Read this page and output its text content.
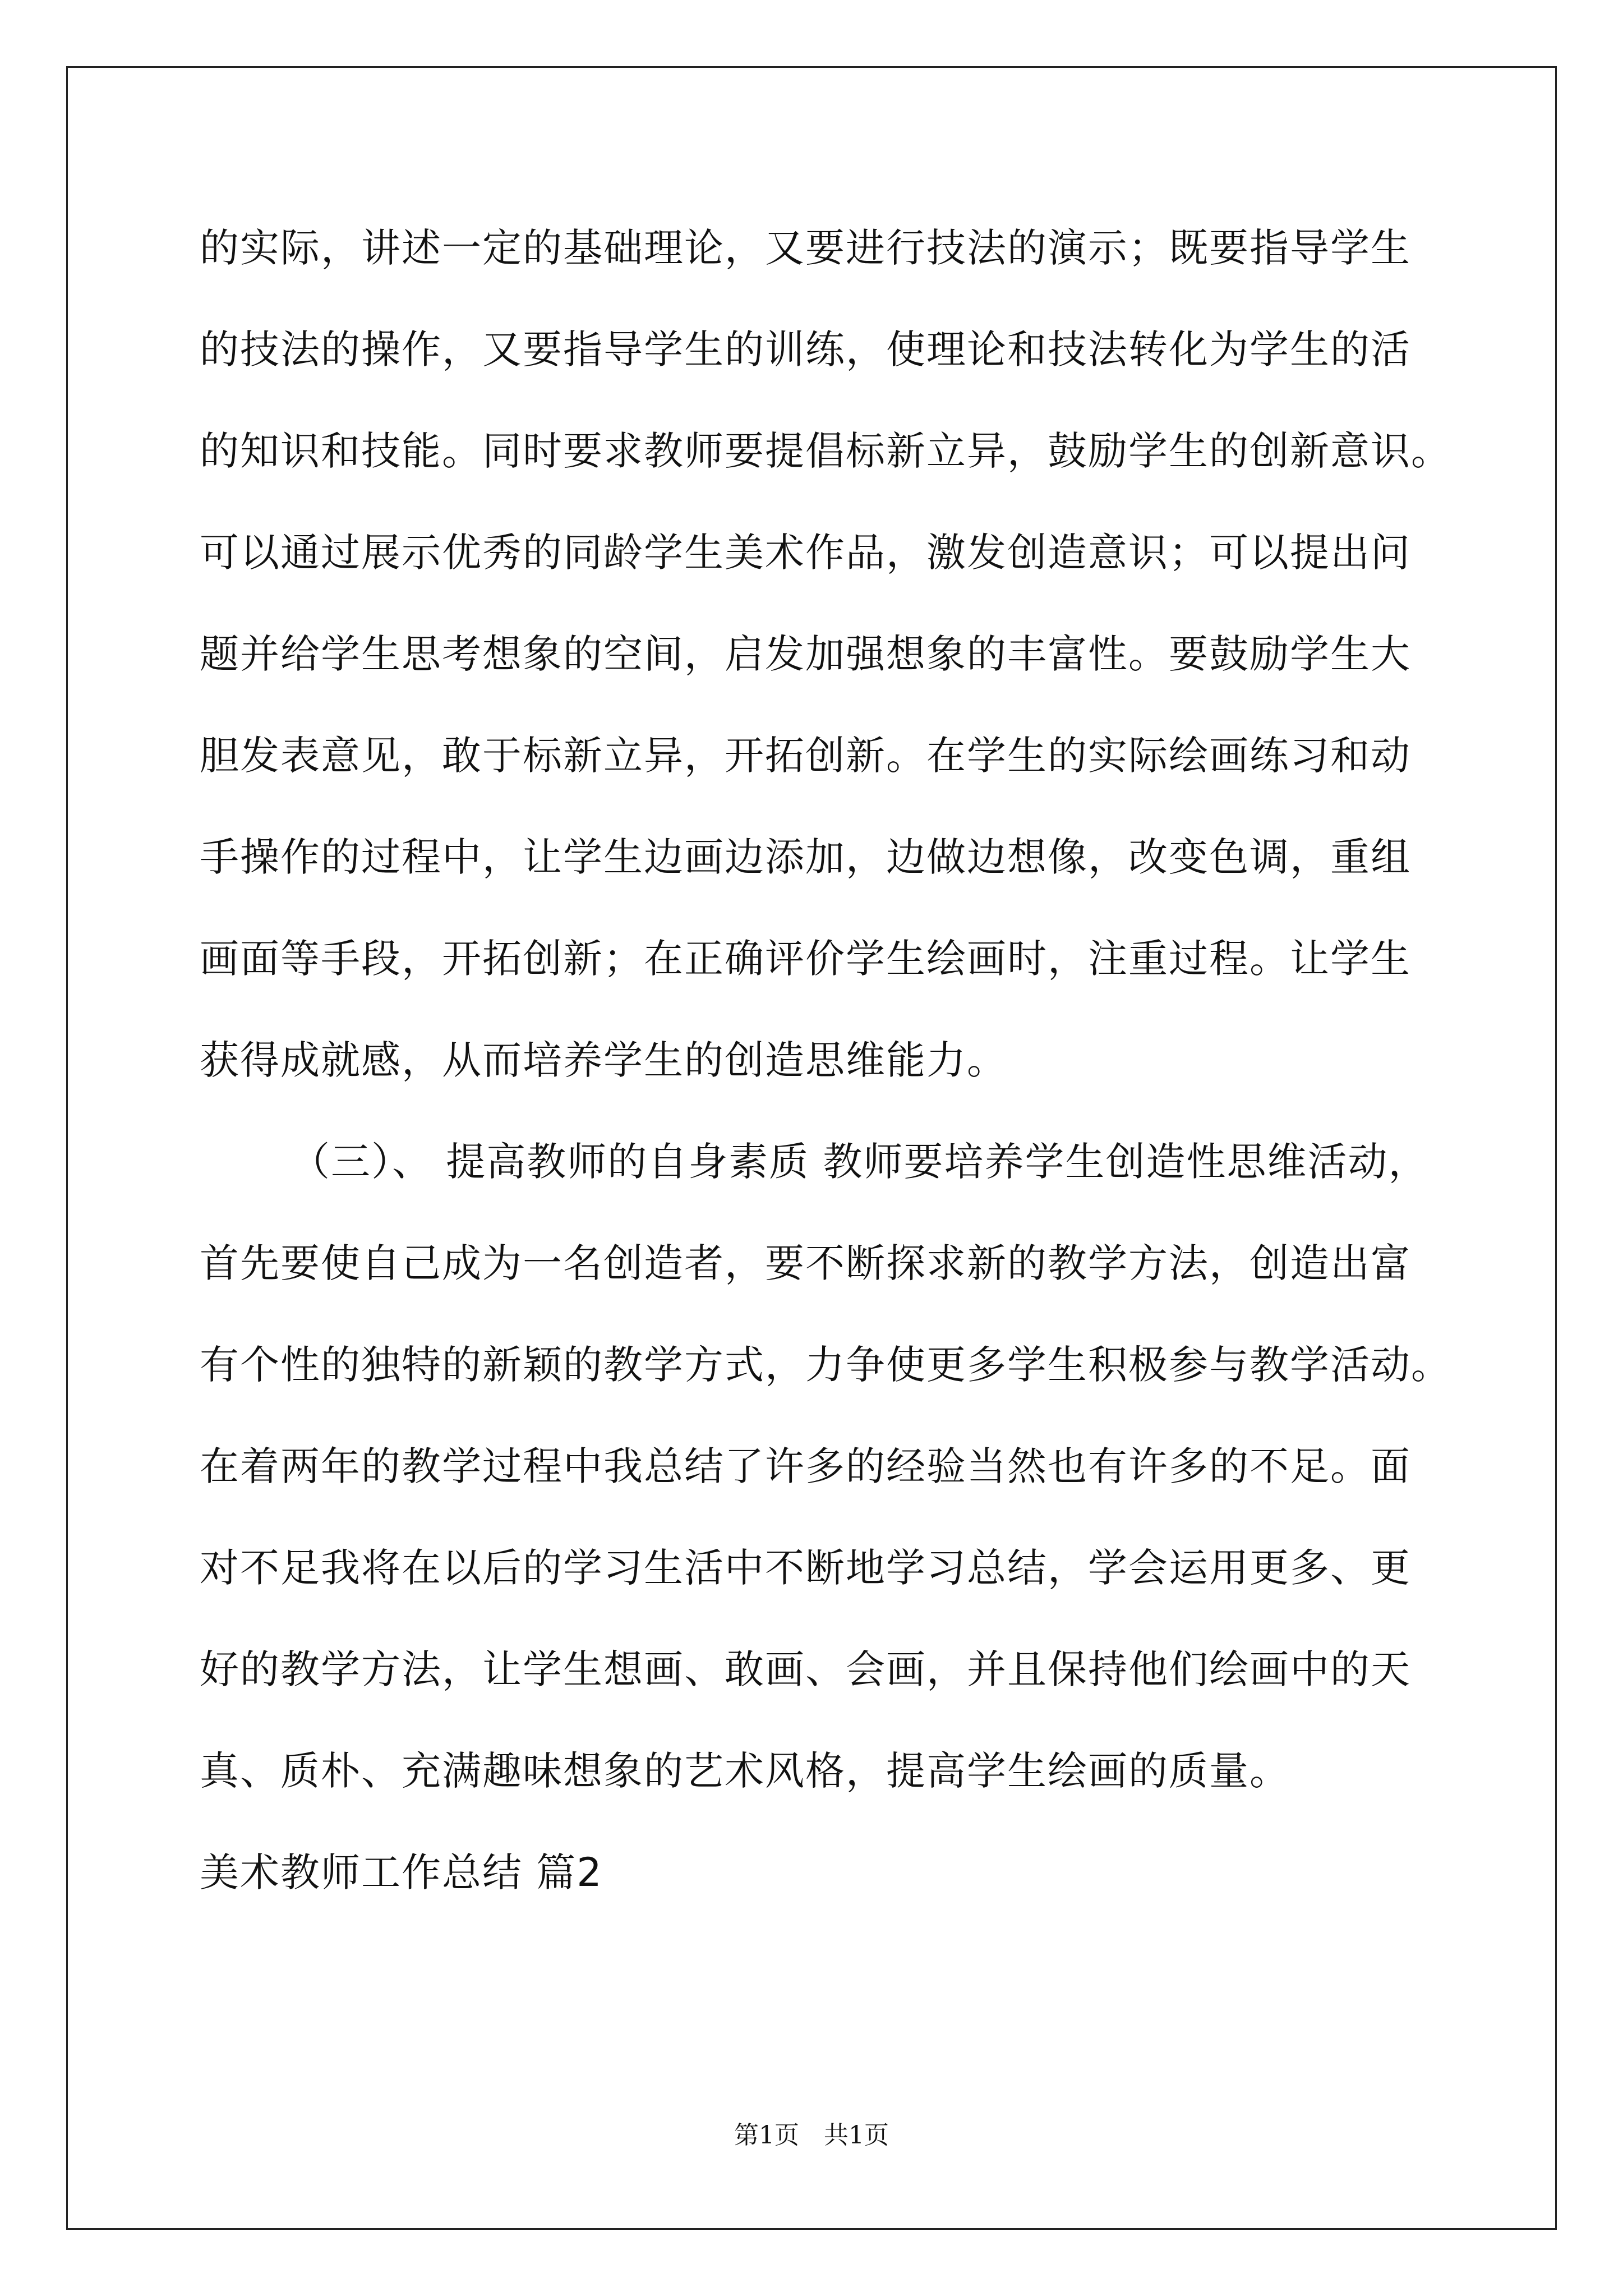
的实际，讲述一定的基础理论，又要进行技法的演示；既要指导学生
的技法的操作，又要指导学生的训练，使理论和技法转化为学生的活
的知识和技能。同时要求教师要提倡标新立异，鼓励学生的创新意识。
可以通过展示优秀的同龄学生美术作品，激发创造意识；可以提出问
题并给学生思考想象的空间，启发加强想象的丰富性。要鼓励学生大
胆发表意见，敢于标新立异，开拓创新。在学生的实际绘画练习和动
手操作的过程中，让学生边画边添加，边做边想像，改变色调，重组
画面等手段，开拓创新；在正确评价学生绘画时，注重过程。让学生
获得成就感，从而培养学生的创造思维能力。
（三）、 提高教师的自身素质 教师要培养学生创造性思维活动，
首先要使自己成为一名创造者，要不断探求新的教学方法，创造出富
有个性的独特的新颖的教学方式，力争使更多学生积极参与教学活动。
在着两年的教学过程中我总结了许多的经验当然也有许多的不足。面
对不足我将在以后的学习生活中不断地学习总结，学会运用更多、更
好的教学方法，让学生想画、敢画、会画，并且保持他们绘画中的天
真、质朴、充满趣味想象的艺术风格，提高学生绘画的质量。
美术教师工作总结 篇2
第1页　共1页
